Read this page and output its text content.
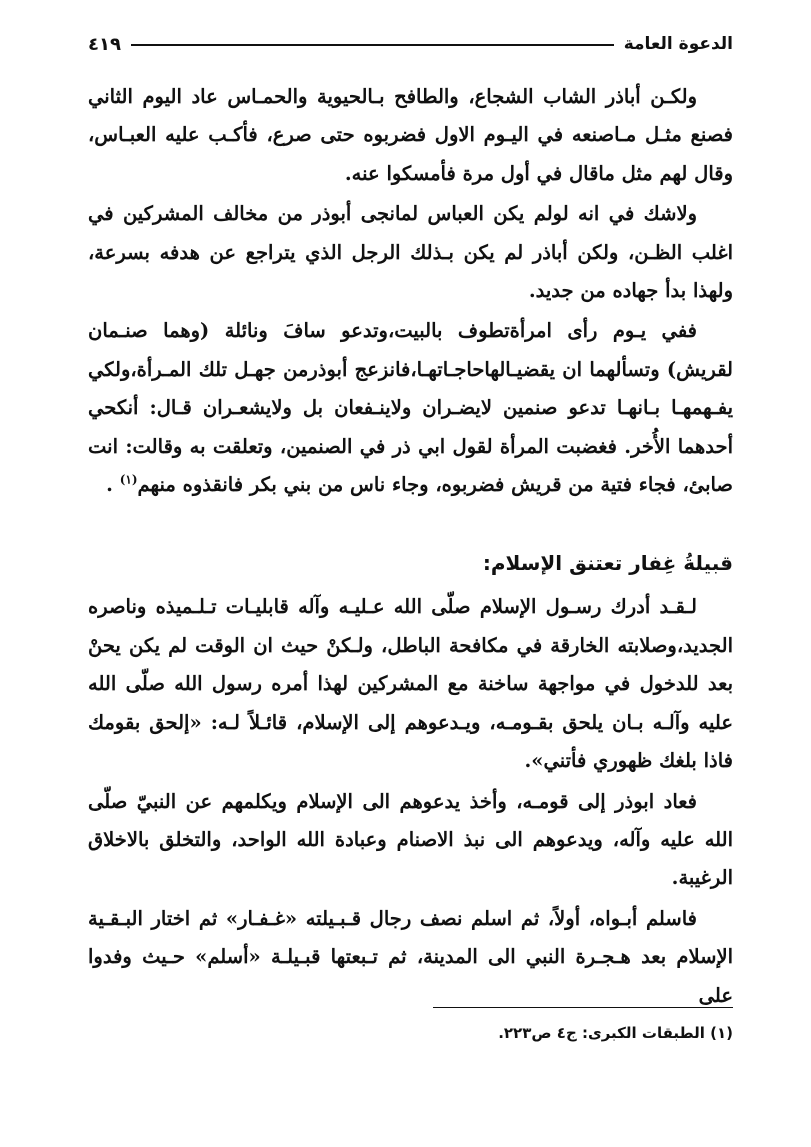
الدعوة العامة
٤١٩

ولكـن أباذر الشاب الشجاع، والطافح بـالحيوية والحمـاس عاد اليوم الثاني فصنع مثـل مـاصنعه في اليـوم الاول فضربوه حتى صرع، فأكـب عليه العبـاس، وقال لهم مثل ماقال في أول مرة فأمسكوا عنه.

ولاشك في انه لولم يكن العباس لمانجى أبوذر من مخالف المشركين في اغلب الظـن، ولكن أباذر لم يكن بـذلك الرجل الذي يتراجع عن هدفه بسرعة، ولهذا بدأ جهاده من جديد.

ففي يـوم رأى امرأةتطوف بالبيت،وتدعو سافَ ونائلة (وهما صنـمان لقريش) وتسألهما ان يقضيـالهاحاجـاتهـا،فانزعج أبوذرمن جهـل تلك المـرأة،ولكي يفـهمهـا بـانهـا تدعو صنمين لايضـران ولاينـفعان بل ولايشعـران قـال: أنكحي أحدهما الأُخر. فغضبت المرأة لقول ابي ذر في الصنمين، وتعلقت به وقالت: انت صابئ، فجاء فتية من قريش فضربوه، وجاء ناس من بني بكر فانقذوه منهم$^{(١)}$ .

قبيلةُ غِفار تعتنق الإسلام:

لـقـد أدرك رسـول الإسلام صلّى الله عـليـه وآله قابليـات تـلـميذه وناصره الجديد،وصلابته الخارقة في مكافحة الباطل، ولـكنْ حيث ان الوقت لم يكن يحنْ بعد للدخول في مواجهة ساخنة مع المشركين لهذا أمره رسول الله صلّى الله عليه وآلـه بـان يلحق بقـومـه، ويـدعوهم إلى الإسلام، قائـلاً لـه: «إلحق بقومك فاذا بلغك ظهوري فأتني».

فعاد ابوذر إلى قومـه، وأخذ يدعوهم الى الإسلام ويكلمهم عن النبيّ صلّى الله عليه وآله، ويدعوهم الى نبذ الاصنام وعبادة الله الواحد، والتخلق بالاخلاق الرغيبة.

فاسلم أبـواه، أولاً، ثم اسلم نصف رجال قـبـيلته «غـفـار» ثم اختار البـقـية الإسلام بعد هـجـرة النبي الى المدينة، ثم تـبعتها قبـيلـة «أسلم» حـيث وفدوا على

(١) الطبقات الكبرى: ج٤ ص٢٢٣.
